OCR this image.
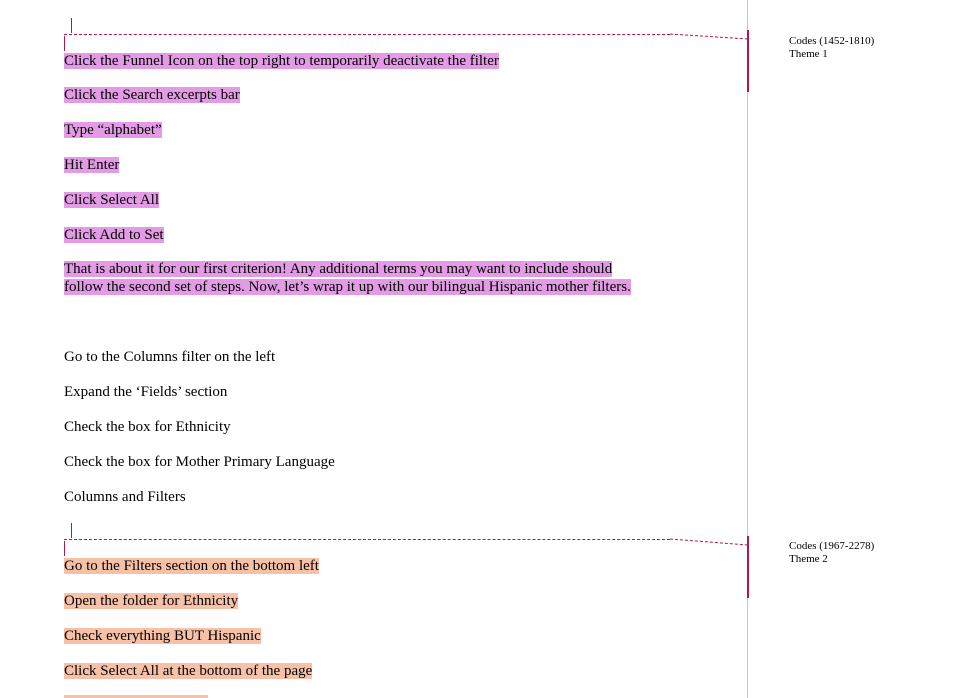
Click the Funnel Icon on the top right to temporarily deactivate the filter
Click the Search excerpts bar
Type “alphabet”
Hit Enter
Click Select All
Click Add to Set
That is about it for our first criterion! Any additional terms you may want to include should
follow the second set of steps. Now, let’s wrap it up with our bilingual Hispanic mother filters.
Go to the Columns filter on the left
Expand the ‘Fields’ section
Check the box for Ethnicity
Check the box for Mother Primary Language
Columns and Filters
Go to the Filters section on the bottom left
Open the folder for Ethnicity
Check everything BUT Hispanic
Click Select All at the bottom of the page
Codes (1452-1810)
Theme 1
Codes (1967-2278)
Theme 2
